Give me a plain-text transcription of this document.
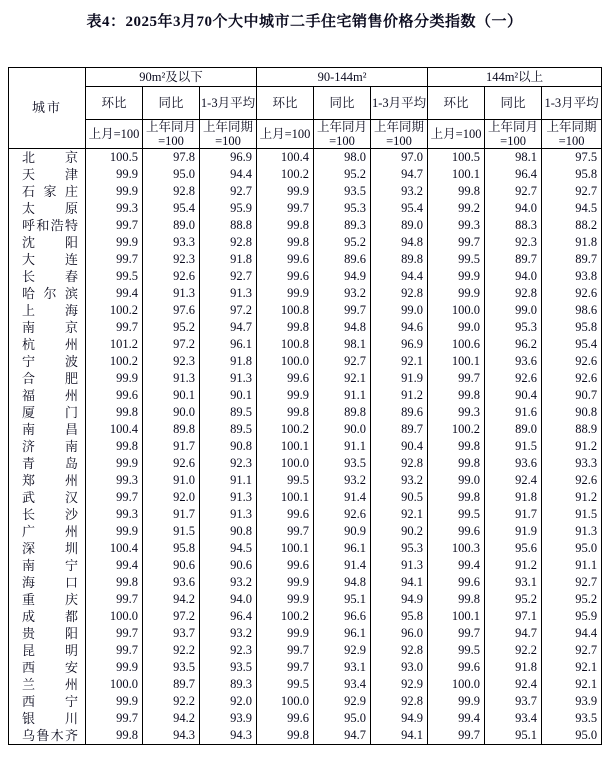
表4：2025年3月70个大中城市二手住宅销售价格分类指数（一）
城市	90m²及以下			90-144m²			144m²以上		
	环比	同比	1-3月平均	环比	同比	1-3月平均	环比	同比	1-3月平均
	上月=100	上年同月=100	上年同期=100	上月=100	上年同月=100	上年同期=100	上月=100	上年同月=100	上年同期=100

北京	100.5	97.8	96.9	100.4	98.0	97.0	100.5	98.1	97.5

天津	99.9	95.0	94.4	100.2	95.2	94.7	100.1	96.4	95.8

石家庄	99.9	92.8	92.7	99.9	93.5	93.2	99.8	92.7	92.7

太原	99.3	95.4	95.9	99.7	95.3	95.4	99.2	94.0	94.5

呼和浩特	99.7	89.0	88.8	99.8	89.3	89.0	99.3	88.3	88.2

沈阳	99.9	93.3	92.8	99.8	95.2	94.8	99.7	92.3	91.8

大连	99.7	92.3	91.8	99.6	89.6	89.8	99.5	89.7	89.7

长春	99.5	92.6	92.7	99.6	94.9	94.4	99.9	94.0	93.8

哈尔滨	99.4	91.3	91.3	99.9	93.2	92.8	99.9	92.8	92.6

上海	100.2	97.6	97.2	100.8	99.7	99.0	100.0	99.0	98.6

南京	99.7	95.2	94.7	99.8	94.8	94.6	99.0	95.3	95.8

杭州	101.2	97.2	96.1	100.8	98.1	96.9	100.6	96.2	95.4

宁波	100.2	92.3	91.8	100.0	92.7	92.1	100.1	93.6	92.6

合肥	99.9	91.3	91.3	99.6	92.1	91.9	99.7	92.6	92.6

福州	99.6	90.1	90.1	99.9	91.1	91.2	99.8	90.4	90.7

厦门	99.8	90.0	89.5	99.8	89.8	89.6	99.3	91.6	90.8

南昌	100.4	89.8	89.5	100.2	90.0	89.7	100.2	89.0	88.9

济南	99.8	91.7	90.8	100.1	91.1	90.4	99.8	91.5	91.2

青岛	99.9	92.6	92.3	100.0	93.5	92.8	99.8	93.6	93.3

郑州	99.3	91.0	91.1	99.5	93.2	93.2	99.0	92.4	92.6

武汉	99.7	92.0	91.3	100.1	91.4	90.5	99.8	91.8	91.2

长沙	99.3	91.7	91.3	99.6	92.6	92.1	99.5	91.7	91.5

广州	99.9	91.5	90.8	99.7	90.9	90.2	99.6	91.9	91.3

深圳	100.4	95.8	94.5	100.1	96.1	95.3	100.3	95.6	95.0

南宁	99.4	90.6	90.6	99.6	91.4	91.3	99.4	91.2	91.1

海口	99.8	93.6	93.2	99.9	94.8	94.1	99.6	93.1	92.7

重庆	99.7	94.2	94.0	99.9	95.1	94.9	99.8	95.2	95.2

成都	100.0	97.2	96.4	100.2	96.6	95.8	100.1	97.1	95.9

贵阳	99.7	93.7	93.2	99.9	96.1	96.0	99.7	94.7	94.4

昆明	99.7	92.2	92.3	99.7	92.9	92.8	99.5	92.2	92.7

西安	99.9	93.5	93.5	99.7	93.1	93.0	99.6	91.8	92.1

兰州	100.0	89.7	89.3	99.5	93.4	92.9	100.0	92.4	92.1

西宁	99.9	92.2	92.0	100.0	92.9	92.8	99.9	93.7	93.9

银川	99.7	94.2	93.9	99.6	95.0	94.9	99.4	93.4	93.5

乌鲁木齐	99.8	94.3	94.3	99.8	94.7	94.1	99.7	95.1	95.0
